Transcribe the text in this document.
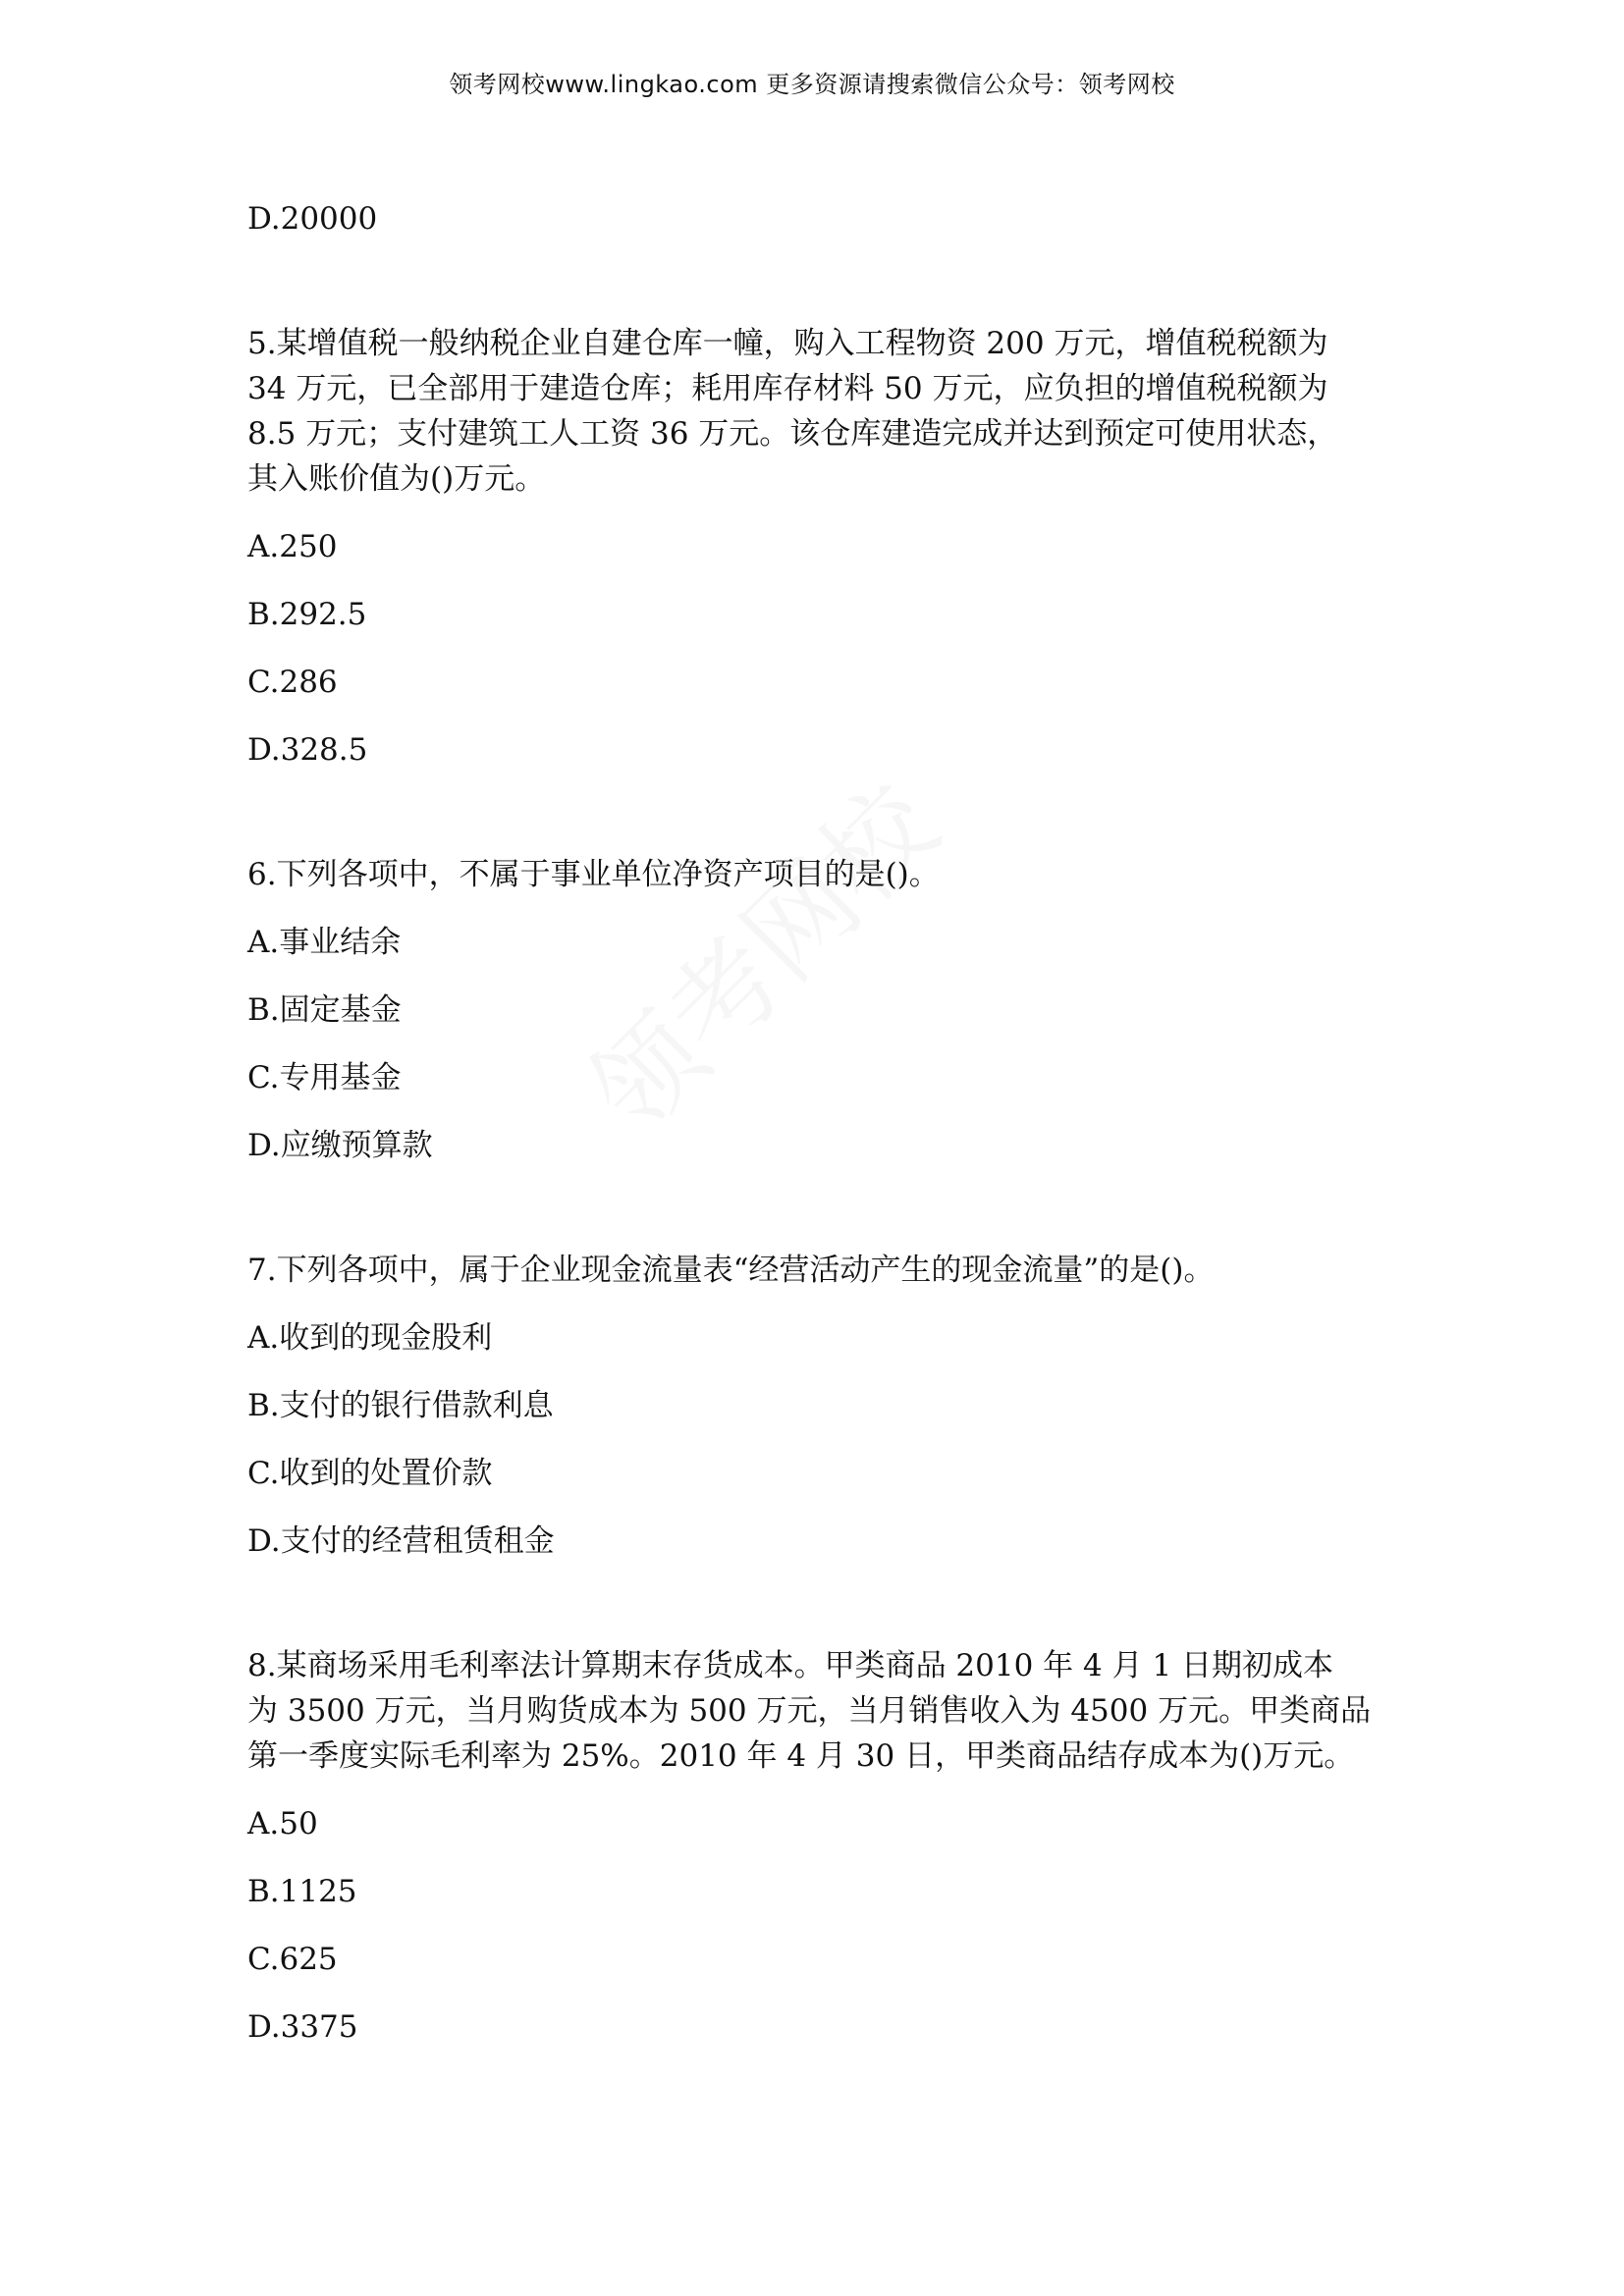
领考网校www.lingkao.com 更多资源请搜索微信公众号：领考网校
D.20000
5.某增值税一般纳税企业自建仓库一幢，购入工程物资 200 万元，增值税税额为
34 万元，已全部用于建造仓库；耗用库存材料 50 万元，应负担的增值税税额为
8.5 万元；支付建筑工人工资 36 万元。该仓库建造完成并达到预定可使用状态，
其入账价值为()万元。
A.250
B.292.5
C.286
D.328.5
6.下列各项中，不属于事业单位净资产项目的是()。
A.事业结余
B.固定基金
C.专用基金
D.应缴预算款
7.下列各项中，属于企业现金流量表“经营活动产生的现金流量”的是()。
A.收到的现金股利
B.支付的银行借款利息
C.收到的处置价款
D.支付的经营租赁租金
8.某商场采用毛利率法计算期末存货成本。甲类商品 2010 年 4 月 1 日期初成本
为 3500 万元，当月购货成本为 500 万元，当月销售收入为 4500 万元。甲类商品
第一季度实际毛利率为 25%。2010 年 4 月 30 日，甲类商品结存成本为()万元。
A.50
B.1125
C.625
D.3375
